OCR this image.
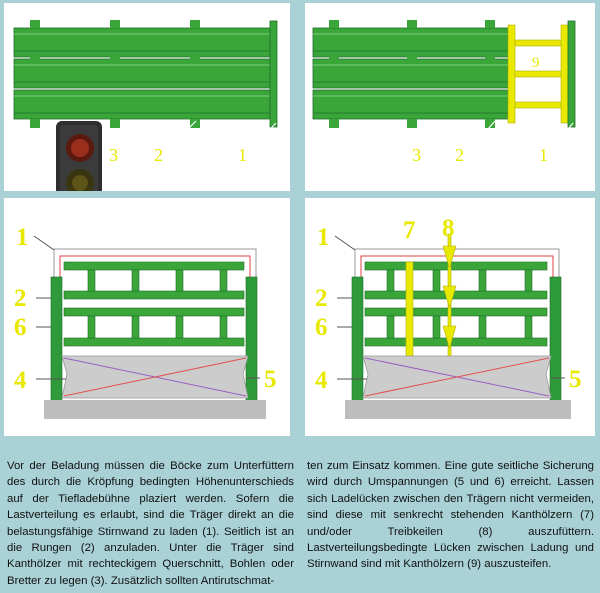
3 2	1
9
3 2	1
1
2
6
4	5
1
2
6
4	5
7 8

Vor der Beladung müssen die Böcke zum Unterfüttern des durch die Kröpfung bedingten Höhenunterschieds auf der Tiefladebühne plaziert werden. Sofern die Lastverteilung es erlaubt, sind die Träger direkt an die belastungsfähige Stirnwand zu laden (1). Seitlich ist an die Rungen (2) anzuladen. Unter die Träger sind Kanthölzer mit rechteckigem Querschnitt, Bohlen oder Bretter zu legen (3). Zusätzlich sollten Antirutschmat-

ten zum Einsatz kommen. Eine gute seitliche Sicherung wird durch Umspannungen (5 und 6) erreicht. Lassen sich Ladelücken zwischen den Trägern nicht vermeiden, sind diese mit senkrecht stehenden Kanthölzern (7) und/oder Treibkeilen (8) auszufüttern. Lastverteilungsbedingte Lücken zwischen Ladung und Stirnwand sind mit Kanthölzern (9) auszusteifen.
